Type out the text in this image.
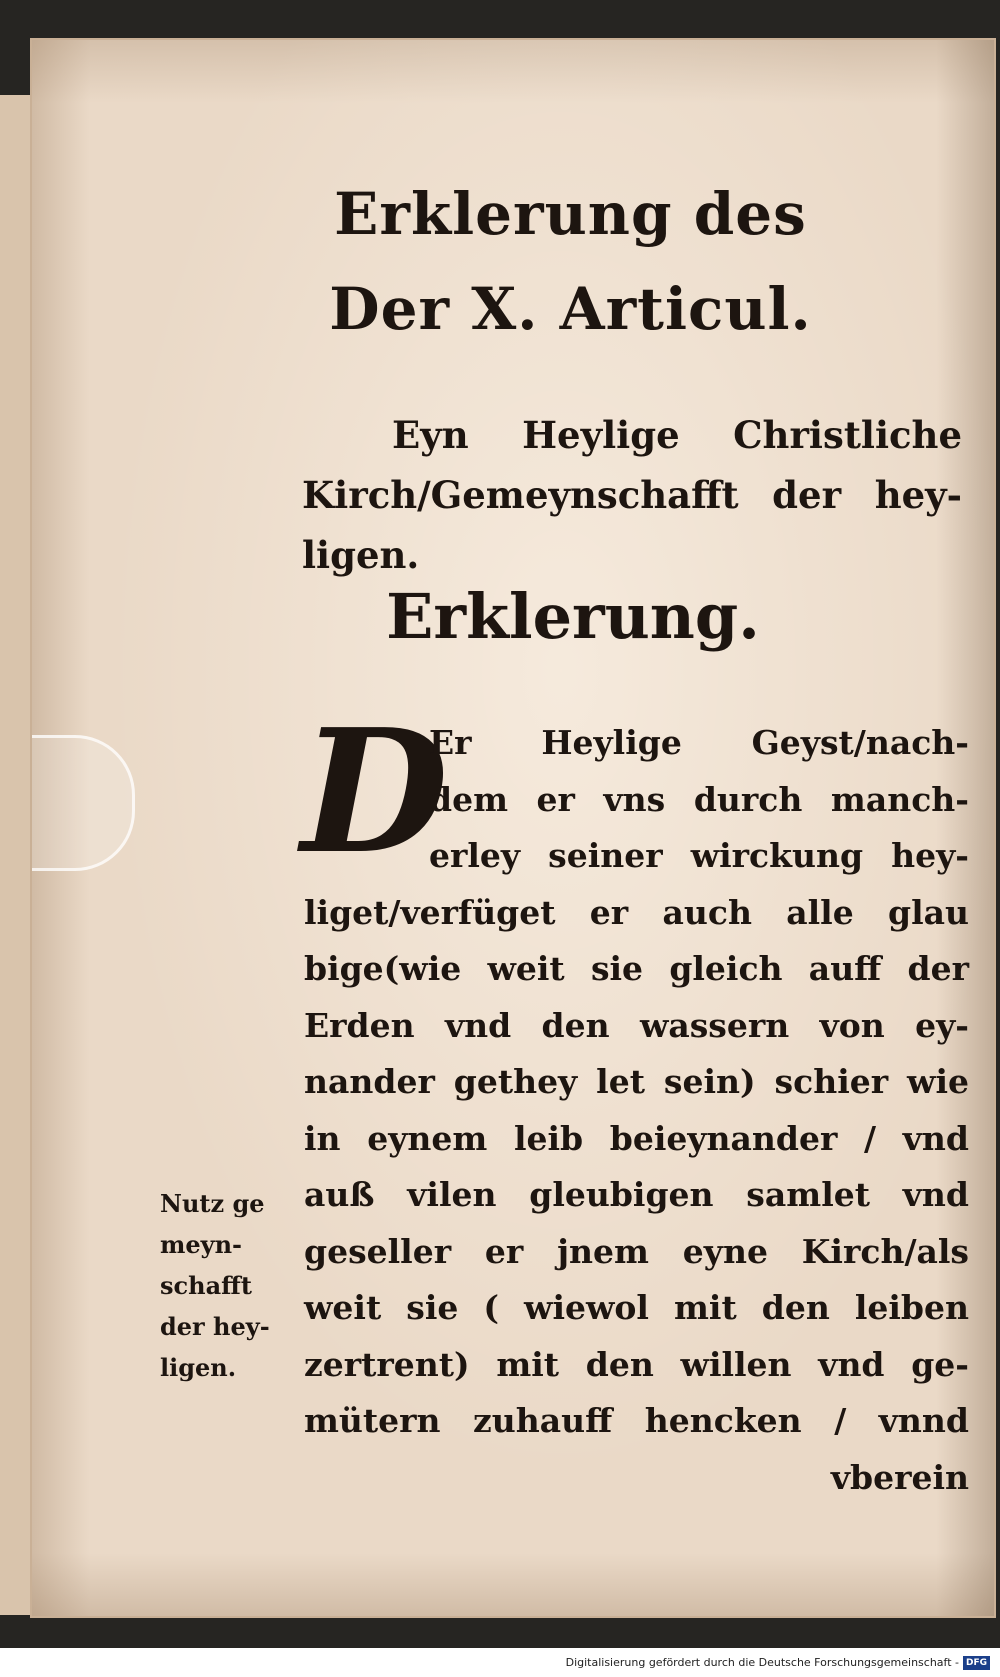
Erklerung des
Der X. Articul.
Eyn Heylige Christliche
Kirch/Gemeynschafft der hey-
ligen.
Erklerung.
D
Er Heylige Geyst/nach-
dem er vns durch manch-
erley seiner wirckung hey-
liget/verfüget er auch alle glau
bige(wie weit sie gleich auff der
Erden vnd den wassern von ey-
nander gethey let sein) schier wie
in eynem leib beieynander / vnd
auß vilen gleubigen samlet vnd
geseller er jnem eyne Kirch/als
weit sie ( wiewol mit den leiben
zertrent) mit den willen vnd ge-
mütern zuhauff hencken / vnnd
vberein
Nutz ge
meyn-
schafft
der hey-
ligen.
Digitalisierung gefördert durch die Deutsche Forschungsgemeinschaft - DFG
